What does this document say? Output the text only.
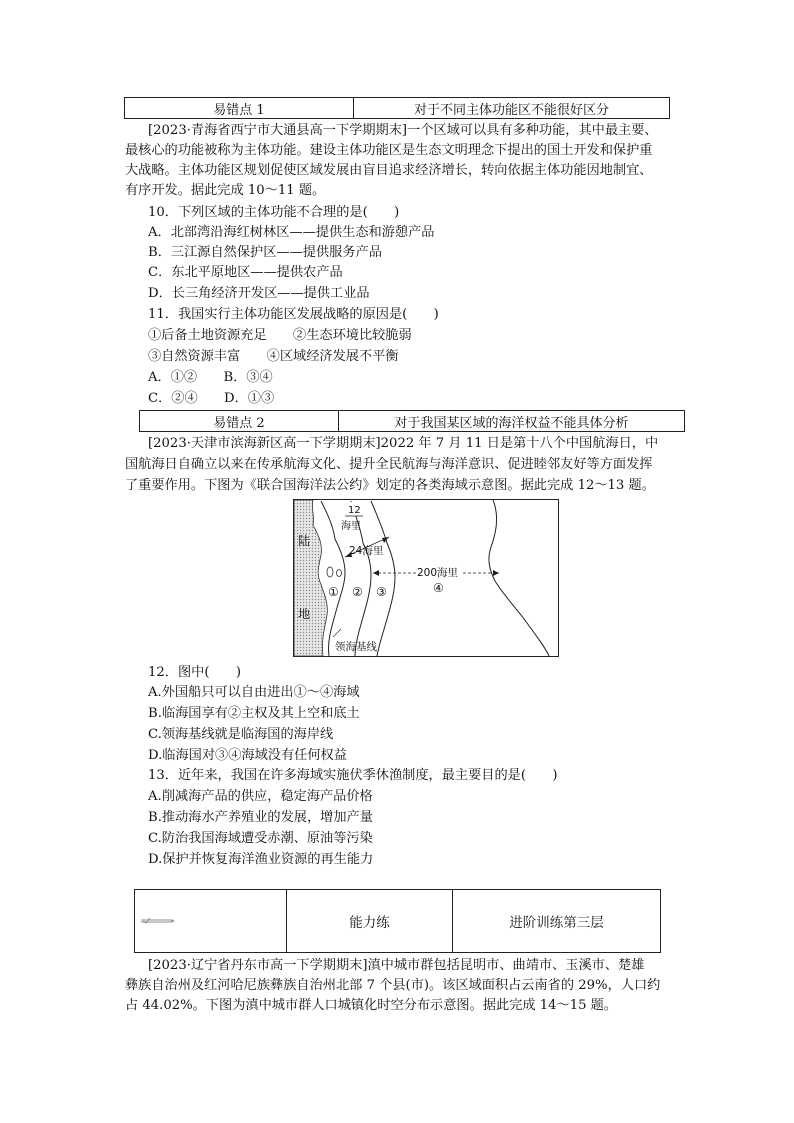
易错点 1	对于不同主体功能区不能很好区分
[2023·青海省西宁市大通县高一下学期期末]一个区域可以具有多种功能，其中最主要、
最核心的功能被称为主体功能。建设主体功能区是生态文明理念下提出的国土开发和保护重
大战略。主体功能区规划促使区域发展由盲目追求经济增长，转向依据主体功能因地制宜、
有序开发。据此完成 10～11 题。
10．下列区域的主体功能不合理的是(　　)
A．北部湾沿海红树林区——提供生态和游憩产品
B．三江源自然保护区——提供服务产品
C．东北平原地区——提供农产品
D．长三角经济开发区——提供工业品
11．我国实行主体功能区发展战略的原因是(　　)
①后备土地资源充足　　②生态环境比较脆弱
③自然资源丰富　　④区域经济发展不平衡
A．①②　　B．③④
C．②④　　D．①③
易错点 2	对于我国某区域的海洋权益不能具体分析
[2023·天津市滨海新区高一下学期期末]2022 年 7 月 11 日是第十八个中国航海日，中
国航海日自确立以来在传承航海文化、提升全民航海与海洋意识、促进睦邻友好等方面发挥
了重要作用。下图为《联合国海洋法公约》划定的各类海域示意图。据此完成 12～13 题。
12
海里
24海里
200海里
④
① ② ③
陆
地
领海基线
12．图中(　　)
A.外国船只可以自由进出①～④海域
B.临海国享有②主权及其上空和底土
C.领海基线就是临海国的海岸线
D.临海国对③④海域没有任何权益
13．近年来，我国在许多海域实施伏季休渔制度，最主要目的是(　　)
A.削减海产品的供应，稳定海产品价格
B.推动海水产养殖业的发展，增加产量
C.防治我国海域遭受赤潮、原油等污染
D.保护并恢复海洋渔业资源的再生能力
能力练	进阶训练第三层
[2023·辽宁省丹东市高一下学期期末]滇中城市群包括昆明市、曲靖市、玉溪市、楚雄
彝族自治州及红河哈尼族彝族自治州北部 7 个县(市)。该区域面积占云南省的 29%，人口约
占 44.02%。下图为滇中城市群人口城镇化时空分布示意图。据此完成 14～15 题。
